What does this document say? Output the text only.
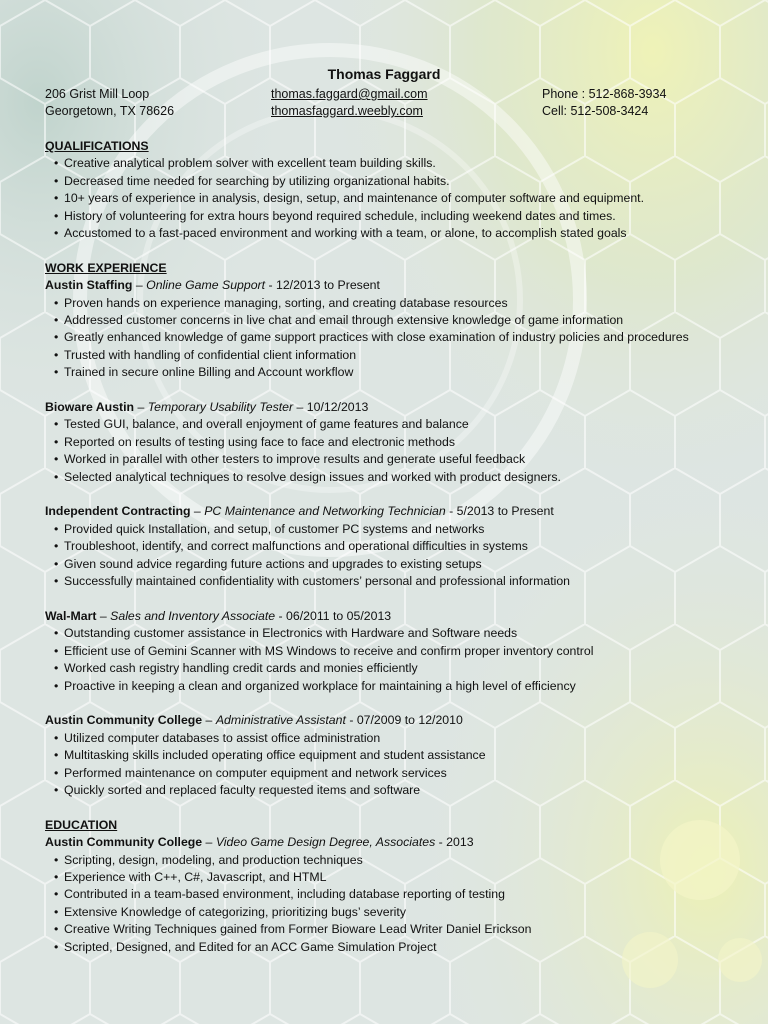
Thomas Faggard
206 Grist Mill Loop
Georgetown, TX 78626
thomas.faggard@gmail.com
thomasfaggard.weebly.com
Phone : 512-868-3934
Cell: 512-508-3424
QUALIFICATIONS
• Creative analytical problem solver with excellent team building skills.
• Decreased time needed for searching by utilizing organizational habits.
• 10+ years of experience in analysis, design, setup, and maintenance of computer software and equipment.
• History of volunteering for extra hours beyond required schedule, including weekend dates and times.
• Accustomed to a fast-paced environment and working with a team, or alone, to accomplish stated goals
WORK EXPERIENCE
Austin Staffing – Online Game Support - 12/2013 to Present
• Proven hands on experience managing, sorting, and creating database resources
• Addressed customer concerns in live chat and email through extensive knowledge of game information
• Greatly enhanced knowledge of game support practices with close examination of industry policies and procedures
• Trusted with handling of confidential client information
• Trained in secure online Billing and Account workflow
Bioware Austin – Temporary Usability Tester – 10/12/2013
• Tested GUI, balance, and overall enjoyment of game features and balance
• Reported on results of testing using face to face and electronic methods
• Worked in parallel with other testers to improve results and generate useful feedback
• Selected analytical techniques to resolve design issues and worked with product designers.
Independent Contracting – PC Maintenance and Networking Technician - 5/2013 to Present
• Provided quick Installation, and setup, of customer PC systems and networks
• Troubleshoot, identify, and correct malfunctions and operational difficulties in systems
• Given sound advice regarding future actions and upgrades to existing setups
• Successfully maintained confidentiality with customers’ personal and professional information
Wal-Mart – Sales and Inventory Associate - 06/2011 to 05/2013
• Outstanding customer assistance in Electronics with Hardware and Software needs
• Efficient use of Gemini Scanner with MS Windows to receive and confirm proper inventory control
• Worked cash registry handling credit cards and monies efficiently
• Proactive in keeping a clean and organized workplace for maintaining a high level of efficiency
Austin Community College – Administrative Assistant - 07/2009 to 12/2010
• Utilized computer databases to assist office administration
• Multitasking skills included operating office equipment and student assistance
• Performed maintenance on computer equipment and network services
• Quickly sorted and replaced faculty requested items and software
EDUCATION
Austin Community College – Video Game Design Degree, Associates - 2013
• Scripting, design, modeling, and production techniques
• Experience with C++, C#, Javascript, and HTML
• Contributed in a team-based environment, including database reporting of testing
• Extensive Knowledge of categorizing, prioritizing bugs’ severity
• Creative Writing Techniques gained from Former Bioware Lead Writer Daniel Erickson
• Scripted, Designed, and Edited for an ACC Game Simulation Project
